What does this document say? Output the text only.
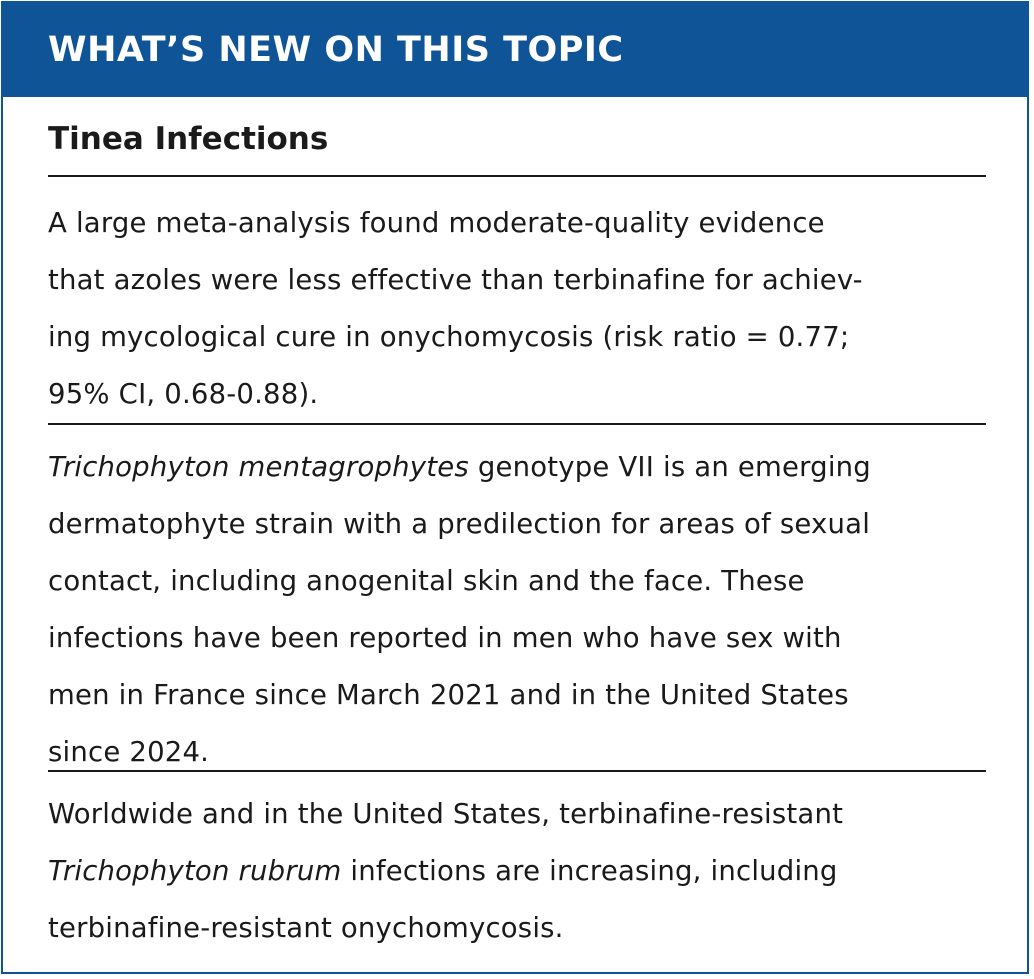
WHAT’S NEW ON THIS TOPIC
Tinea Infections
A large meta-analysis found moderate-quality evidence
that azoles were less effective than terbinafine for achiev-
ing mycological cure in onychomycosis (risk ratio = 0.77;
95% CI, 0.68-0.88).
Trichophyton mentagrophytes genotype VII is an emerging
dermatophyte strain with a predilection for areas of sexual
contact, including anogenital skin and the face. These
infections have been reported in men who have sex with
men in France since March 2021 and in the United States
since 2024.
Worldwide and in the United States, terbinafine-resistant
Trichophyton rubrum infections are increasing, including
terbinafine-resistant onychomycosis.
